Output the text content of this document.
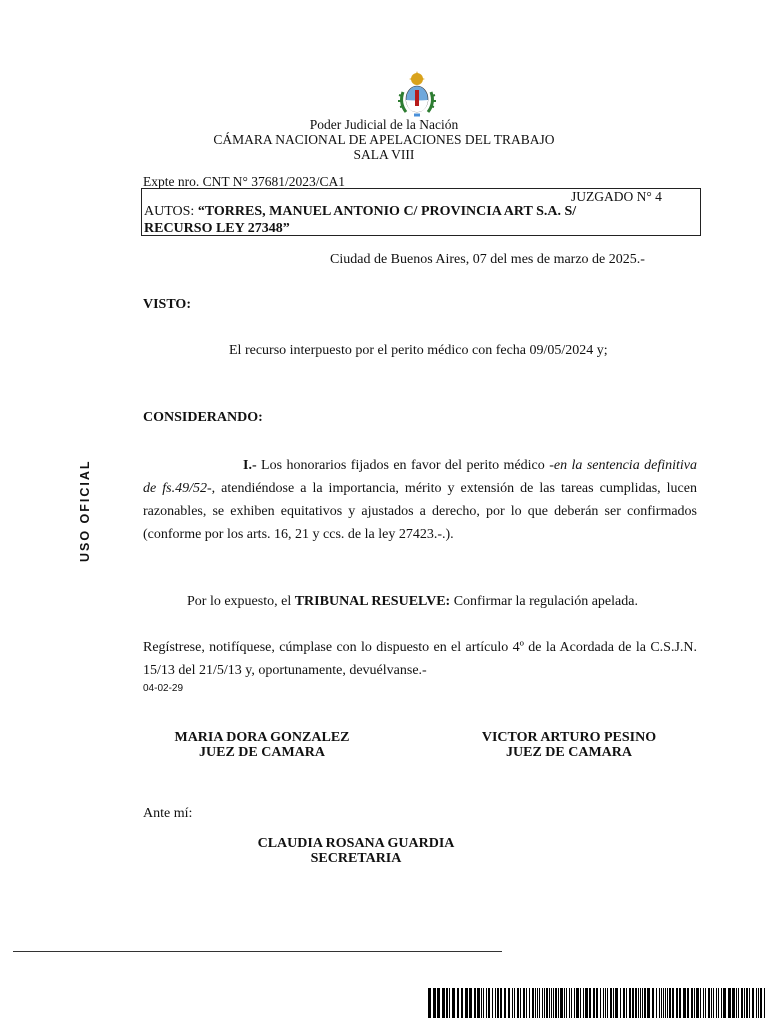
Poder Judicial de la Nación
CÁMARA NACIONAL DE APELACIONES DEL TRABAJO
SALA VIII
USO OFICIAL
Expte nro. CNT N° 37681/2023/CA1
JUZGADO N° 4
AUTOS: “TORRES, MANUEL ANTONIO C/ PROVINCIA ART S.A. S/
RECURSO LEY 27348”
Ciudad de Buenos Aires, 07 del mes de marzo de 2025.-
VISTO:
El recurso interpuesto por el perito médico con fecha 09/05/2024 y;
CONSIDERANDO:
I.- Los honorarios fijados en favor del perito médico -en la sentencia definitiva de fs.49/52-, atendiéndose a la importancia, mérito y extensión de las tareas cumplidas, lucen razonables, se exhiben equitativos y ajustados a derecho, por lo que deberán ser confirmados (conforme por los arts. 16, 21 y ccs. de la ley 27423.-.).
Por lo expuesto, el TRIBUNAL RESUELVE: Confirmar la regulación apelada.
Regístrese, notifíquese, cúmplase con lo dispuesto en el artículo 4º de la Acordada de la C.S.J.N. 15/13 del 21/5/13 y, oportunamente, devuélvanse.-
04-02-29
MARIA DORA GONZALEZ
JUEZ DE CAMARA
VICTOR ARTURO PESINO
JUEZ DE CAMARA
Ante mí:
CLAUDIA ROSANA GUARDIA
SECRETARIA
